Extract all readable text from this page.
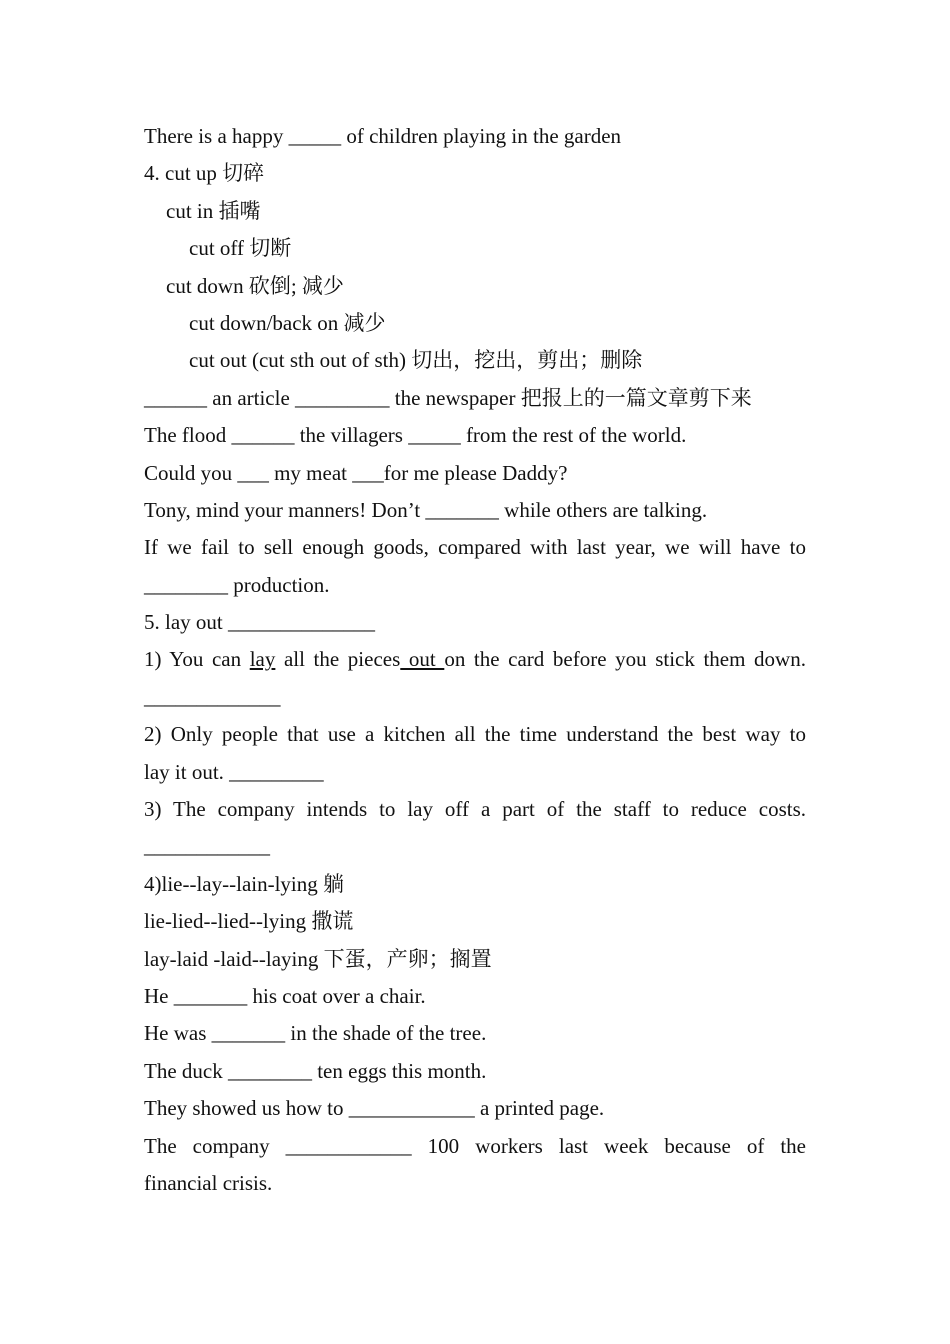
There is a happy _____ of children playing in the garden
4. cut up 切碎
cut in 插嘴
cut off 切断
cut down 砍倒; 减少
cut down/back on 减少
cut out (cut sth out of sth) 切出，挖出，剪出；删除
______ an article _________ the newspaper 把报上的一篇文章剪下来
The flood ______ the villagers _____ from the rest of the world.
Could you ___ my meat ___for me please Daddy?
Tony, mind your manners! Don’t _______ while others are talking.
If we fail to sell enough goods, compared with last year, we will have to
________ production.
5. lay out ______________
1) You can lay all the pieces out on the card before you stick them down.
_____________
2) Only people that use a kitchen all the time understand the best way to
lay it out. _________
3) The company intends to lay off a part of the staff to reduce costs.
____________
4)lie--lay--lain-lying 躺
lie-lied--lied--lying 撒谎
lay-laid -laid--laying 下蛋，产卵；搁置
He _______ his coat over a chair.
He was _______ in the shade of the tree.
The duck ________ ten eggs this month.
They showed us how to ____________ a printed page.
The company ____________ 100 workers last week because of the
financial crisis.
